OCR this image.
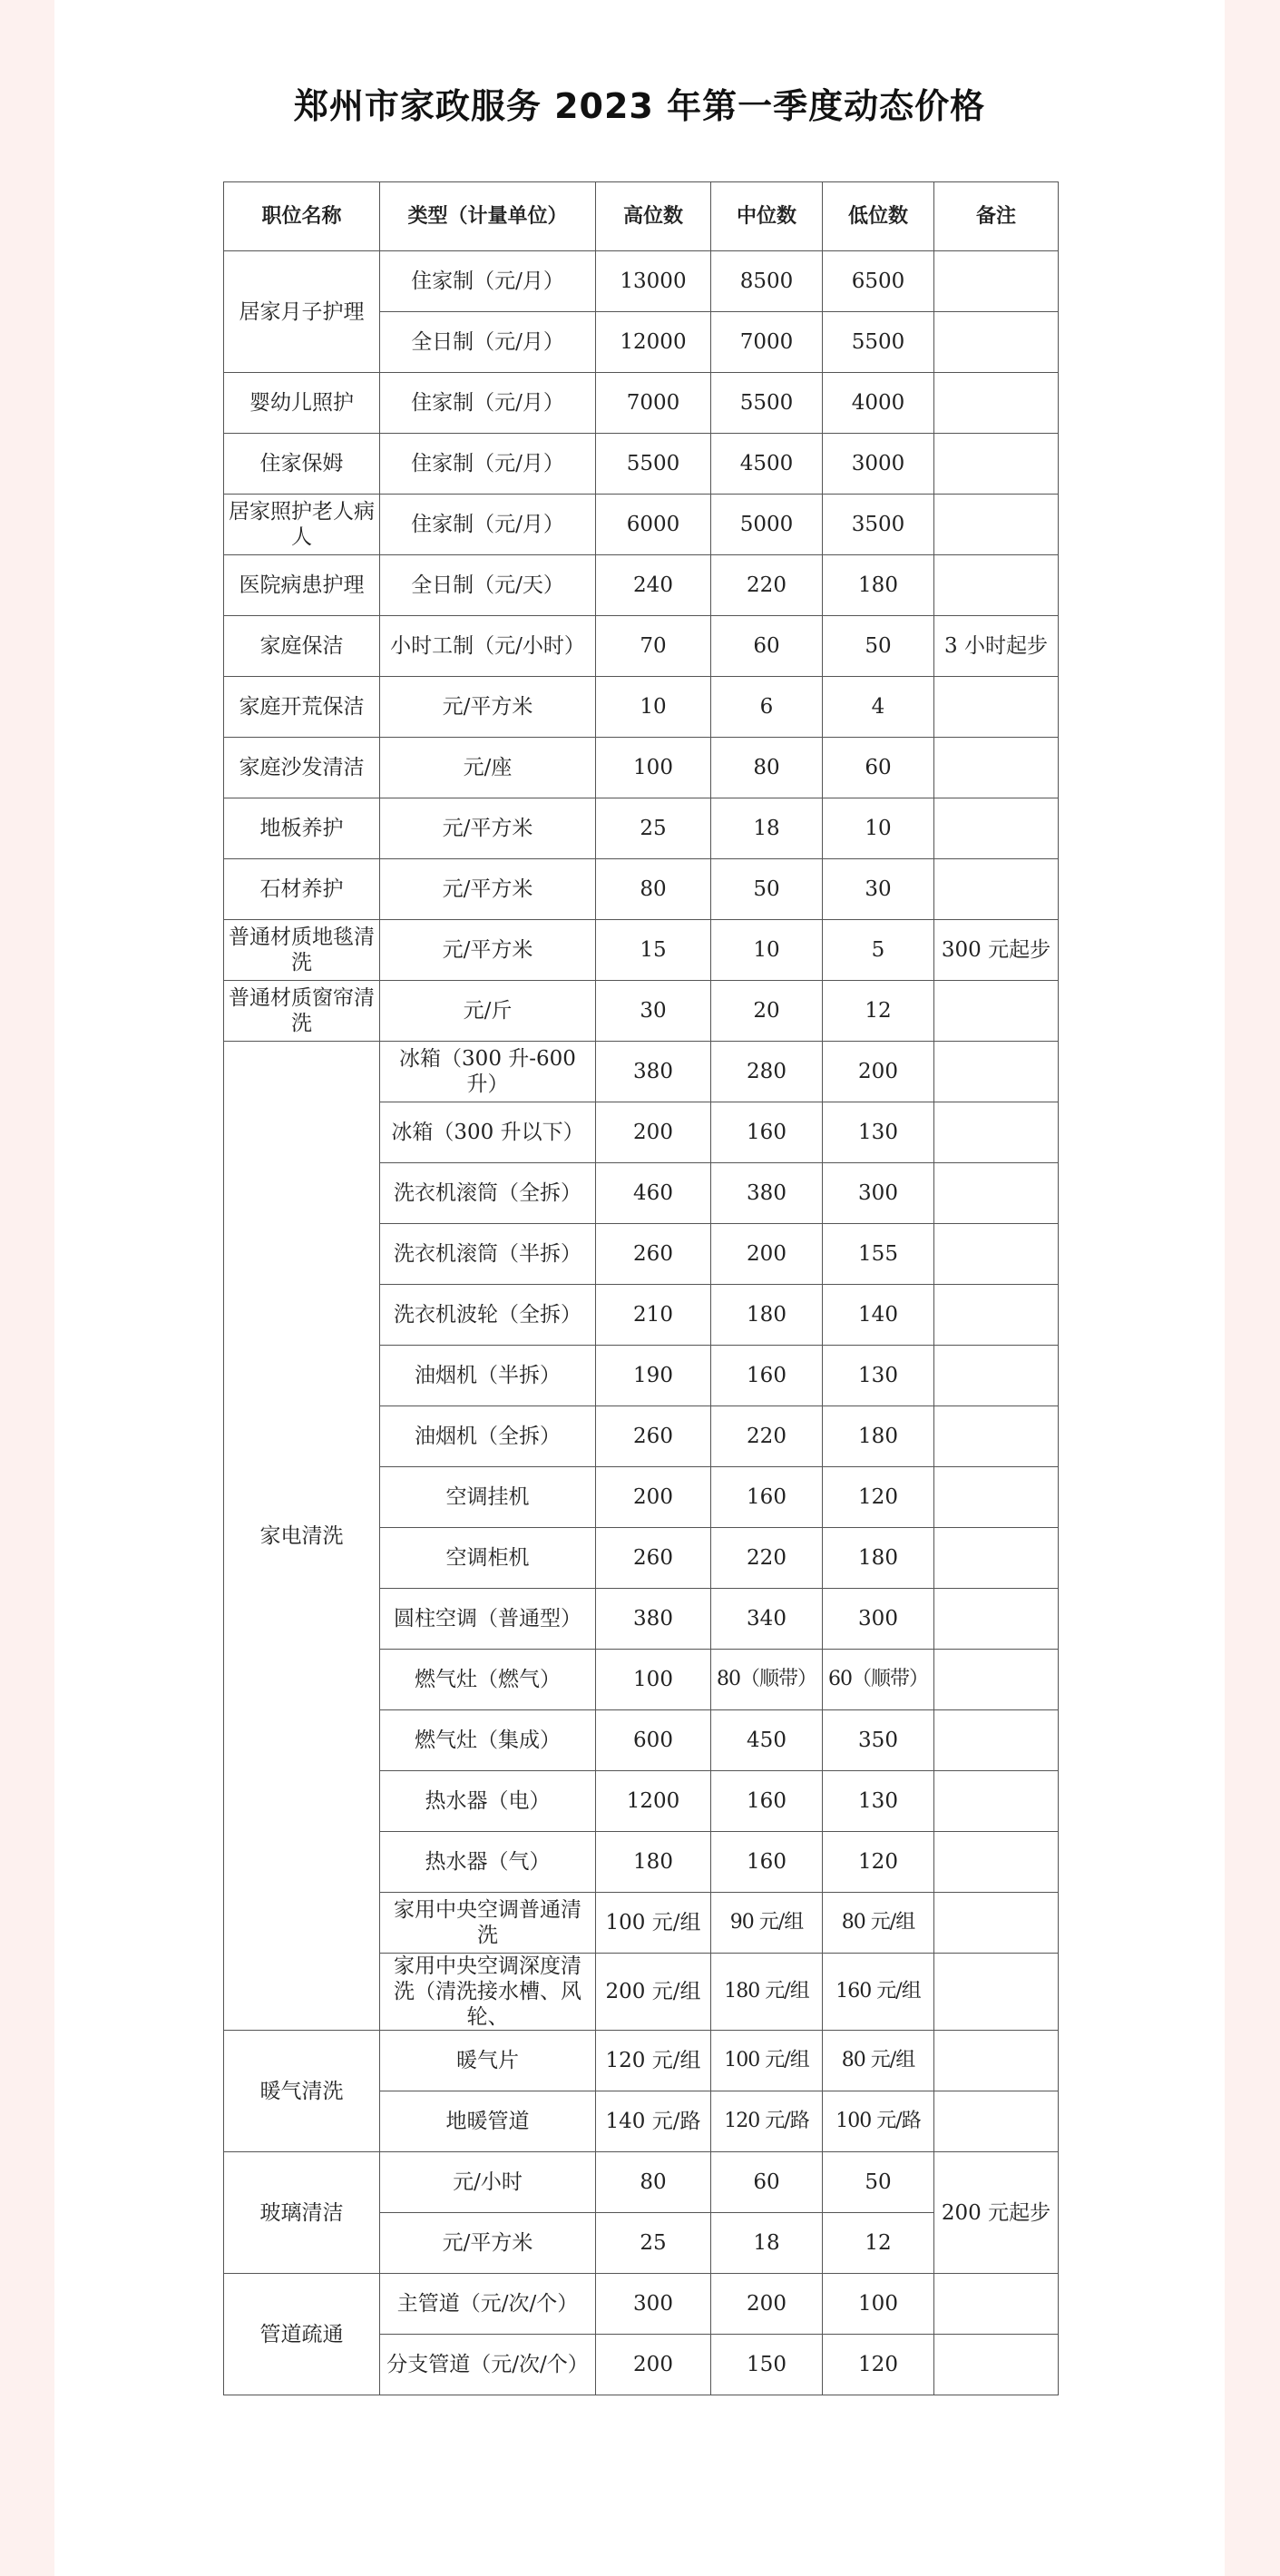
郑州市家政服务 2023 年第一季度动态价格
职位名称	类型（计量单位）	高位数	中位数	低位数	备注
居家月子护理	住家制（元/月）	13000	8500	6500	
	全日制（元/月）	12000	7000	5500	
婴幼儿照护	住家制（元/月）	7000	5500	4000	
住家保姆	住家制（元/月）	5500	4500	3000	
居家照护老人病人	住家制（元/月）	6000	5000	3500	
医院病患护理	全日制（元/天）	240	220	180	
家庭保洁	小时工制（元/小时）	70	60	50	3 小时起步
家庭开荒保洁	元/平方米	10	6	4	
家庭沙发清洁	元/座	100	80	60	
地板养护	元/平方米	25	18	10	
石材养护	元/平方米	80	50	30	
普通材质地毯清洗	元/平方米	15	10	5	300 元起步
普通材质窗帘清洗	元/斤	30	20	12	
家电清洗	冰箱（300 升-600 升）	380	280	200	
	冰箱（300 升以下）	200	160	130	
	洗衣机滚筒（全拆）	460	380	300	
	洗衣机滚筒（半拆）	260	200	155	
	洗衣机波轮（全拆）	210	180	140	
	油烟机（半拆）	190	160	130	
	油烟机（全拆）	260	220	180	
	空调挂机	200	160	120	
	空调柜机	260	220	180	
	圆柱空调（普通型）	380	340	300	
	燃气灶（燃气）	100	80（顺带）	60（顺带）	
	燃气灶（集成）	600	450	350	
	热水器（电）	1200	160	130	
	热水器（气）	180	160	120	
	家用中央空调普通清洗	100 元/组	90 元/组	80 元/组	
	家用中央空调深度清洗（清洗接水槽、风轮、	200 元/组	180 元/组	160 元/组	
暖气清洗	暖气片	120 元/组	100 元/组	80 元/组	
	地暖管道	140 元/路	120 元/路	100 元/路	
玻璃清洁	元/小时	80	60	50	200 元起步
	元/平方米	25	18	12	
管道疏通	主管道（元/次/个）	300	200	100	
	分支管道（元/次/个）	200	150	120	
